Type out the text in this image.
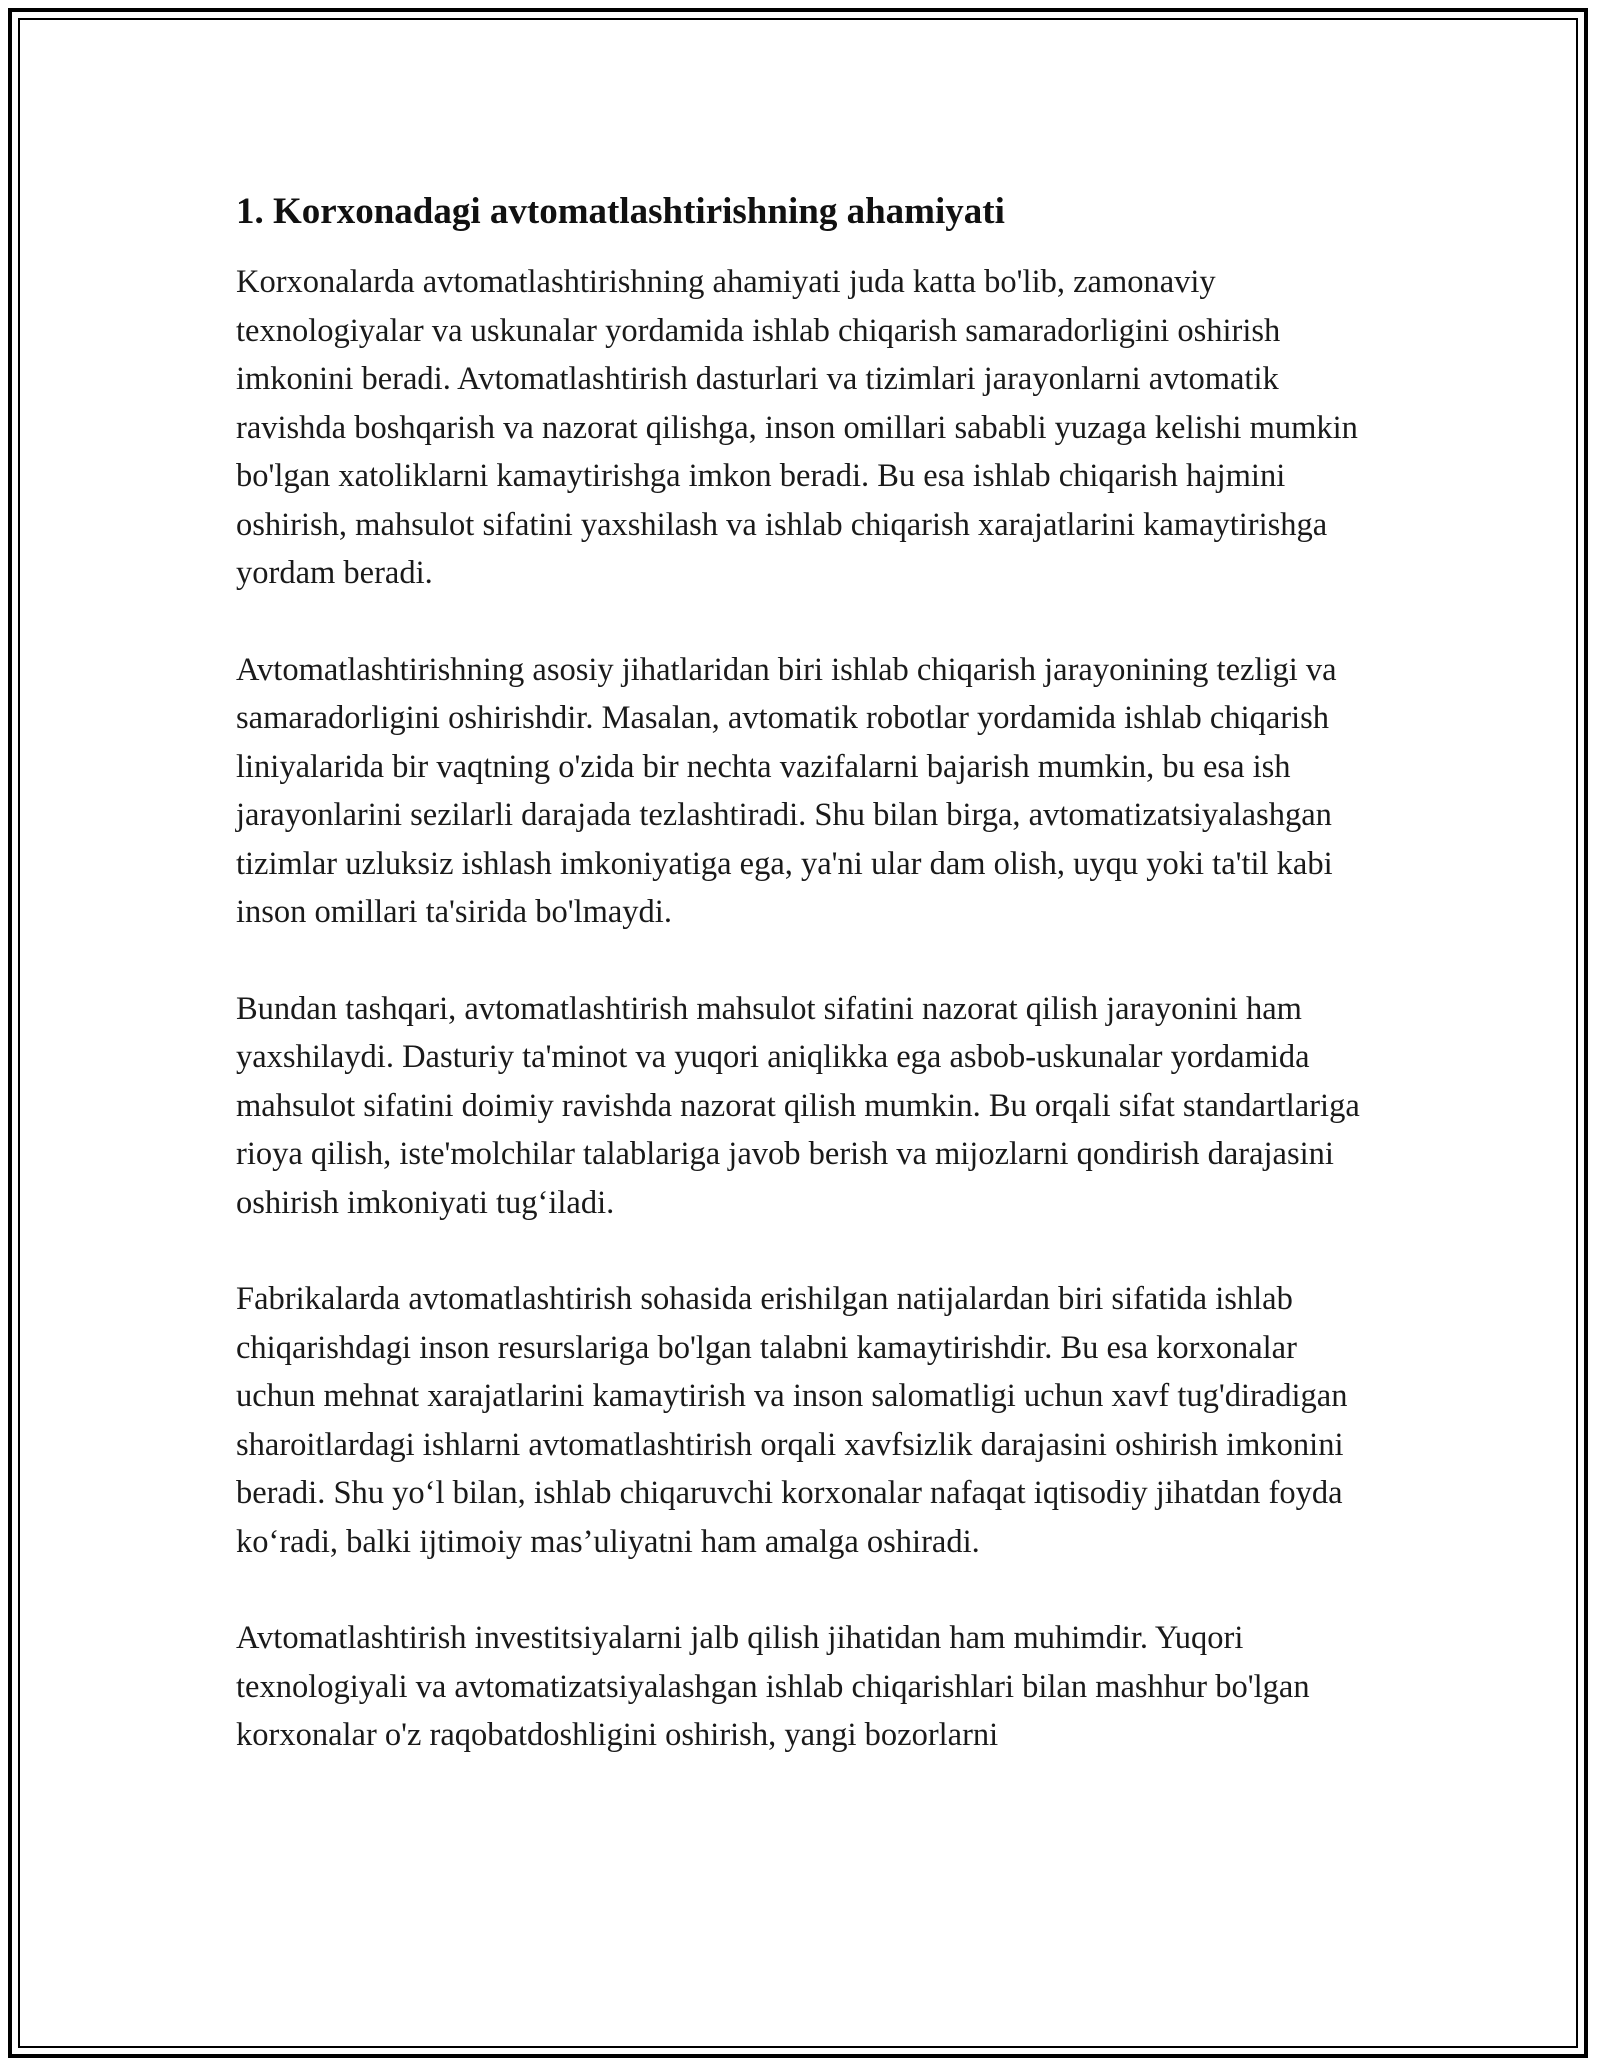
1. Korxonadagi avtomatlashtirishning ahamiyati

Korxonalarda avtomatlashtirishning ahamiyati juda katta bo'lib, zamonaviy texnologiyalar va uskunalar yordamida ishlab chiqarish samaradorligini oshirish imkonini beradi. Avtomatlashtirish dasturlari va tizimlari jarayonlarni avtomatik ravishda boshqarish va nazorat qilishga, inson omillari sababli yuzaga kelishi mumkin bo'lgan xatoliklarni kamaytirishga imkon beradi. Bu esa ishlab chiqarish hajmini oshirish, mahsulot sifatini yaxshilash va ishlab chiqarish xarajatlarini kamaytirishga yordam beradi.

Avtomatlashtirishning asosiy jihatlaridan biri ishlab chiqarish jarayonining tezligi va samaradorligini oshirishdir. Masalan, avtomatik robotlar yordamida ishlab chiqarish liniyalarida bir vaqtning o'zida bir nechta vazifalarni bajarish mumkin, bu esa ish jarayonlarini sezilarli darajada tezlashtiradi. Shu bilan birga, avtomatizatsiyalashgan tizimlar uzluksiz ishlash imkoniyatiga ega, ya'ni ular dam olish, uyqu yoki ta'til kabi inson omillari ta'sirida bo'lmaydi.

Bundan tashqari, avtomatlashtirish mahsulot sifatini nazorat qilish jarayonini ham yaxshilaydi. Dasturiy ta'minot va yuqori aniqlikka ega asbob-uskunalar yordamida mahsulot sifatini doimiy ravishda nazorat qilish mumkin. Bu orqali sifat standartlariga rioya qilish, iste'molchilar talablariga javob berish va mijozlarni qondirish darajasini oshirish imkoniyati tug‘iladi.

Fabrikalarda avtomatlashtirish sohasida erishilgan natijalardan biri sifatida ishlab chiqarishdagi inson resurslariga bo'lgan talabni kamaytirishdir. Bu esa korxonalar uchun mehnat xarajatlarini kamaytirish va inson salomatligi uchun xavf tug'diradigan sharoitlardagi ishlarni avtomatlashtirish orqali xavfsizlik darajasini oshirish imkonini beradi. Shu yo‘l bilan, ishlab chiqaruvchi korxonalar nafaqat iqtisodiy jihatdan foyda ko‘radi, balki ijtimoiy mas’uliyatni ham amalga oshiradi.

Avtomatlashtirish investitsiyalarni jalb qilish jihatidan ham muhimdir. Yuqori texnologiyali va avtomatizatsiyalashgan ishlab chiqarishlari bilan mashhur bo'lgan korxonalar o'z raqobatdoshligini oshirish, yangi bozorlarni
